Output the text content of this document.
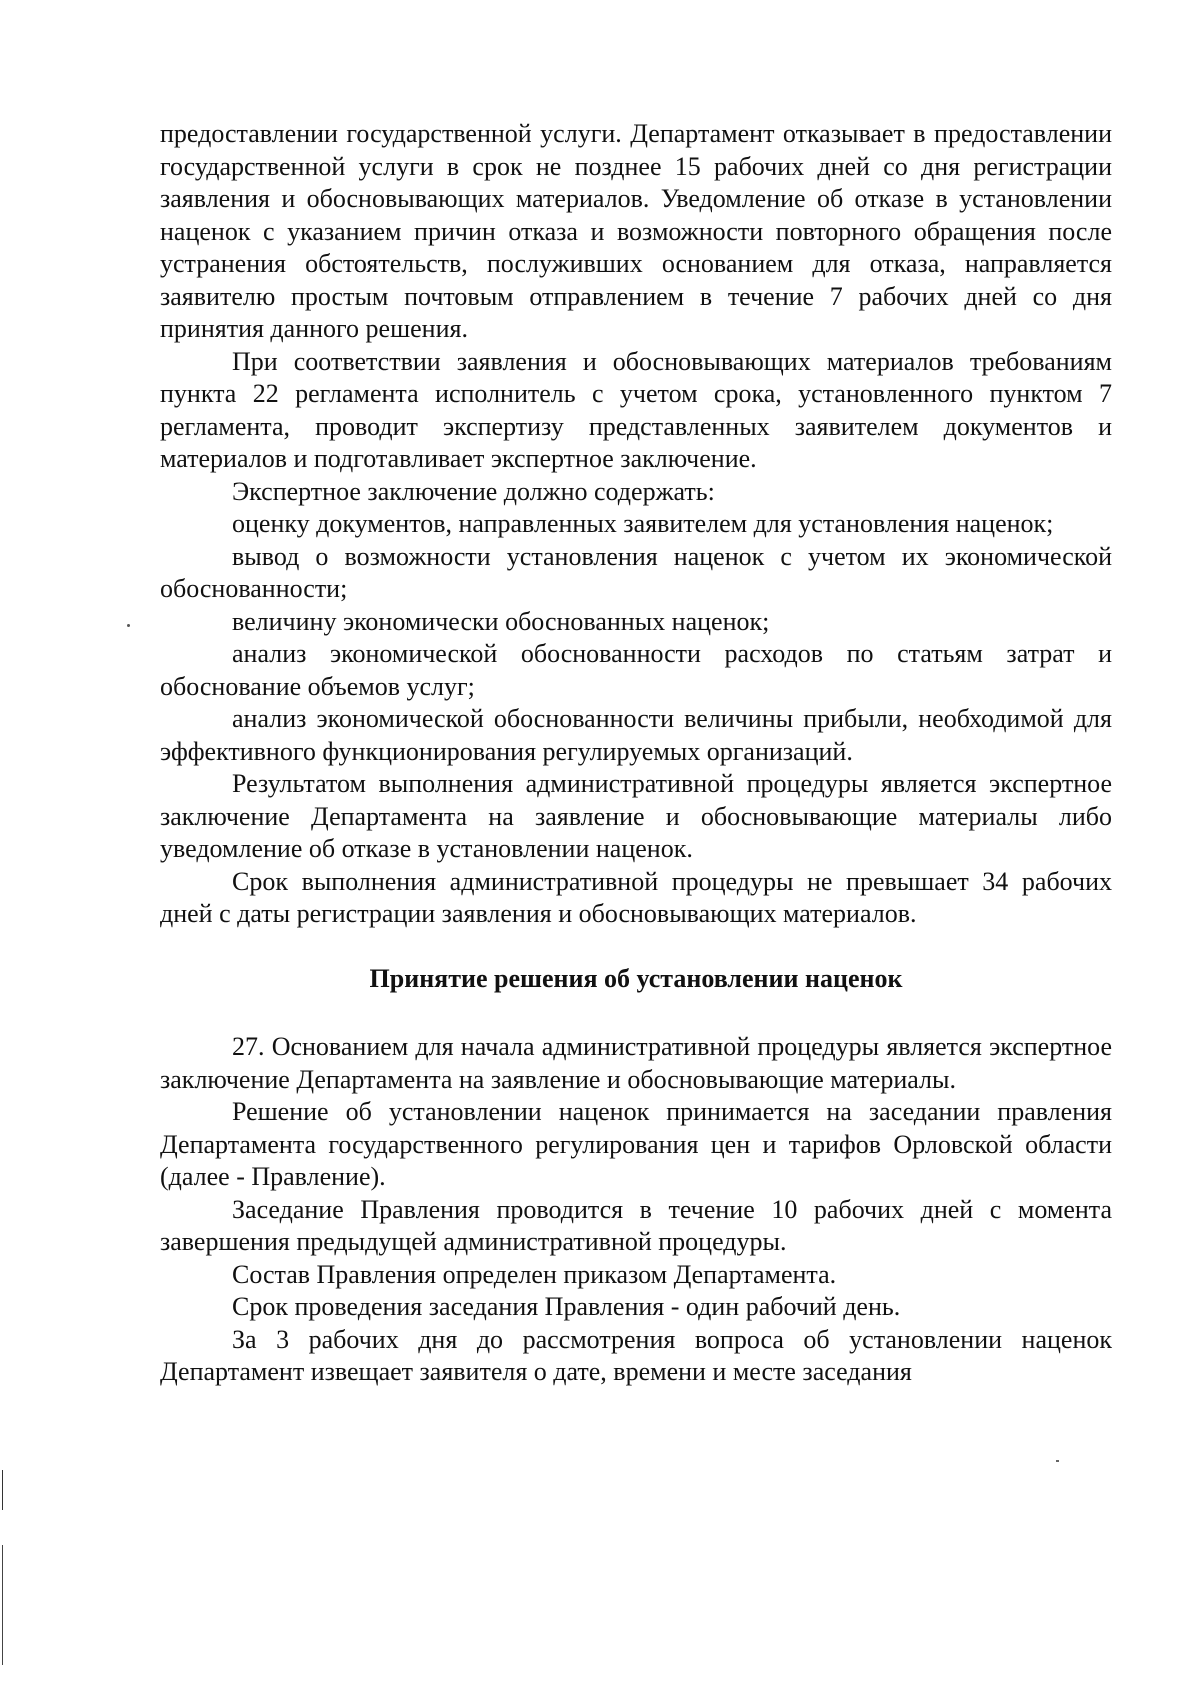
предоставлении государственной услуги. Департамент отказывает в предоставлении государственной услуги в срок не позднее 15 рабочих дней со дня регистрации заявления и обосновывающих материалов. Уведомление об отказе в установлении наценок с указанием причин отказа и возможности повторного обращения после устранения обстоятельств, послуживших основанием для отказа, направляется заявителю простым почтовым отправлением в течение 7 рабочих дней со дня принятия данного решения.

При соответствии заявления и обосновывающих материалов требованиям пункта 22 регламента исполнитель с учетом срока, установленного пунктом 7 регламента, проводит экспертизу представленных заявителем документов и материалов и подготавливает экспертное заключение.

Экспертное заключение должно содержать:

оценку документов, направленных заявителем для установления наценок;

вывод о возможности установления наценок с учетом их экономической обоснованности;

величину экономически обоснованных наценок;

анализ экономической обоснованности расходов по статьям затрат и обоснование объемов услуг;

анализ экономической обоснованности величины прибыли, необходимой для эффективного функционирования регулируемых организаций.

Результатом выполнения административной процедуры является экспертное заключение Департамента на заявление и обосновывающие материалы либо уведомление об отказе в установлении наценок.

Срок выполнения административной процедуры не превышает 34 рабочих дней с даты регистрации заявления и обосновывающих материалов.

Принятие решения об установлении наценок

27. Основанием для начала административной процедуры является экспертное заключение Департамента на заявление и обосновывающие материалы.

Решение об установлении наценок принимается на заседании правления Департамента государственного регулирования цен и тарифов Орловской области (далее - Правление).

Заседание Правления проводится в течение 10 рабочих дней с момента завершения предыдущей административной процедуры.

Состав Правления определен приказом Департамента.

Срок проведения заседания Правления - один рабочий день.

За 3 рабочих дня до рассмотрения вопроса об установлении наценок Департамент извещает заявителя о дате, времени и месте заседания
